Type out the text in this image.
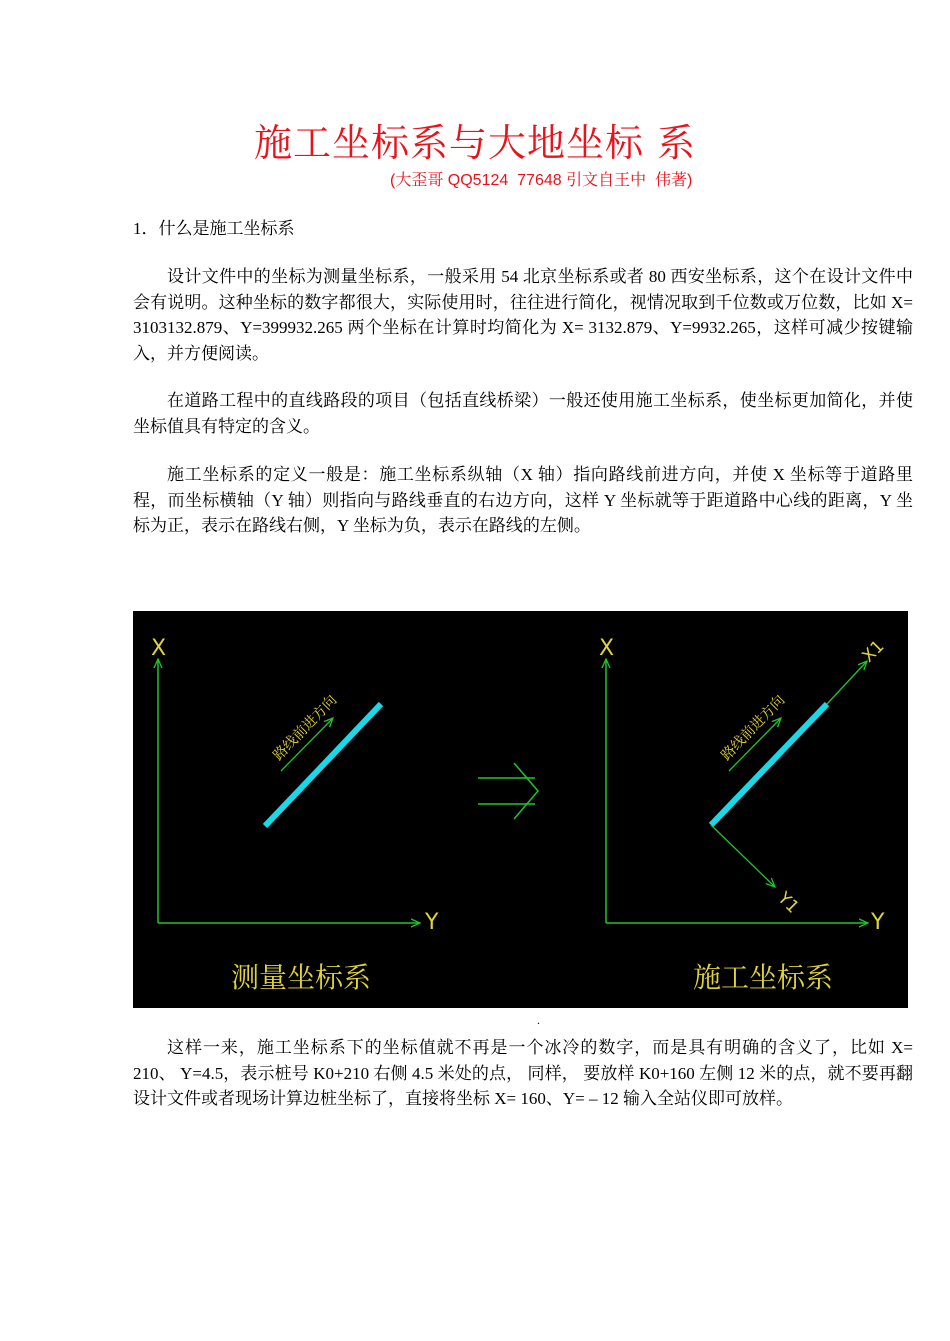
施工坐标系与大地坐标 系
(大歪哥 QQ5124  77648 引文自王中  伟著)
1．什么是施工坐标系
设计文件中的坐标为测量坐标系，一般采用 54 北京坐标系或者 80 西安坐标系，这个在设计文件中会有说明。这种坐标的数字都很大，实际使用时，往往进行简化，视情况取到千位数或万位数，比如 X= 3103132.879、Y=399932.265 两个坐标在计算时均简化为 X= 3132.879、Y=9932.265，这样可减少按键输入，并方便阅读。
在道路工程中的直线路段的项目（包括直线桥梁）一般还使用施工坐标系，使坐标更加简化，并使坐标值具有特定的含义。
施工坐标系的定义一般是：施工坐标系纵轴（X 轴）指向路线前进方向，并使 X 坐标等于道路里程，而坐标横轴（Y 轴）则指向与路线垂直的右边方向，这样 Y 坐标就等于距道路中心线的距离，Y 坐标为正，表示在路线右侧，Y 坐标为负，表示在路线的左侧。
X
Y
路线前进方向
测量坐标系
X
Y
X1
Y1
路线前进方向
施工坐标系
.
这样一来，施工坐标系下的坐标值就不再是一个冰冷的数字，而是具有明确的含义了，比如 X= 210、 Y=4.5，表示桩号 K0+210 右侧 4.5 米处的点， 同样， 要放样 K0+160 左侧 12 米的点，就不要再翻设计文件或者现场计算边桩坐标了，直接将坐标 X= 160、Y= – 12 输入全站仪即可放样。
